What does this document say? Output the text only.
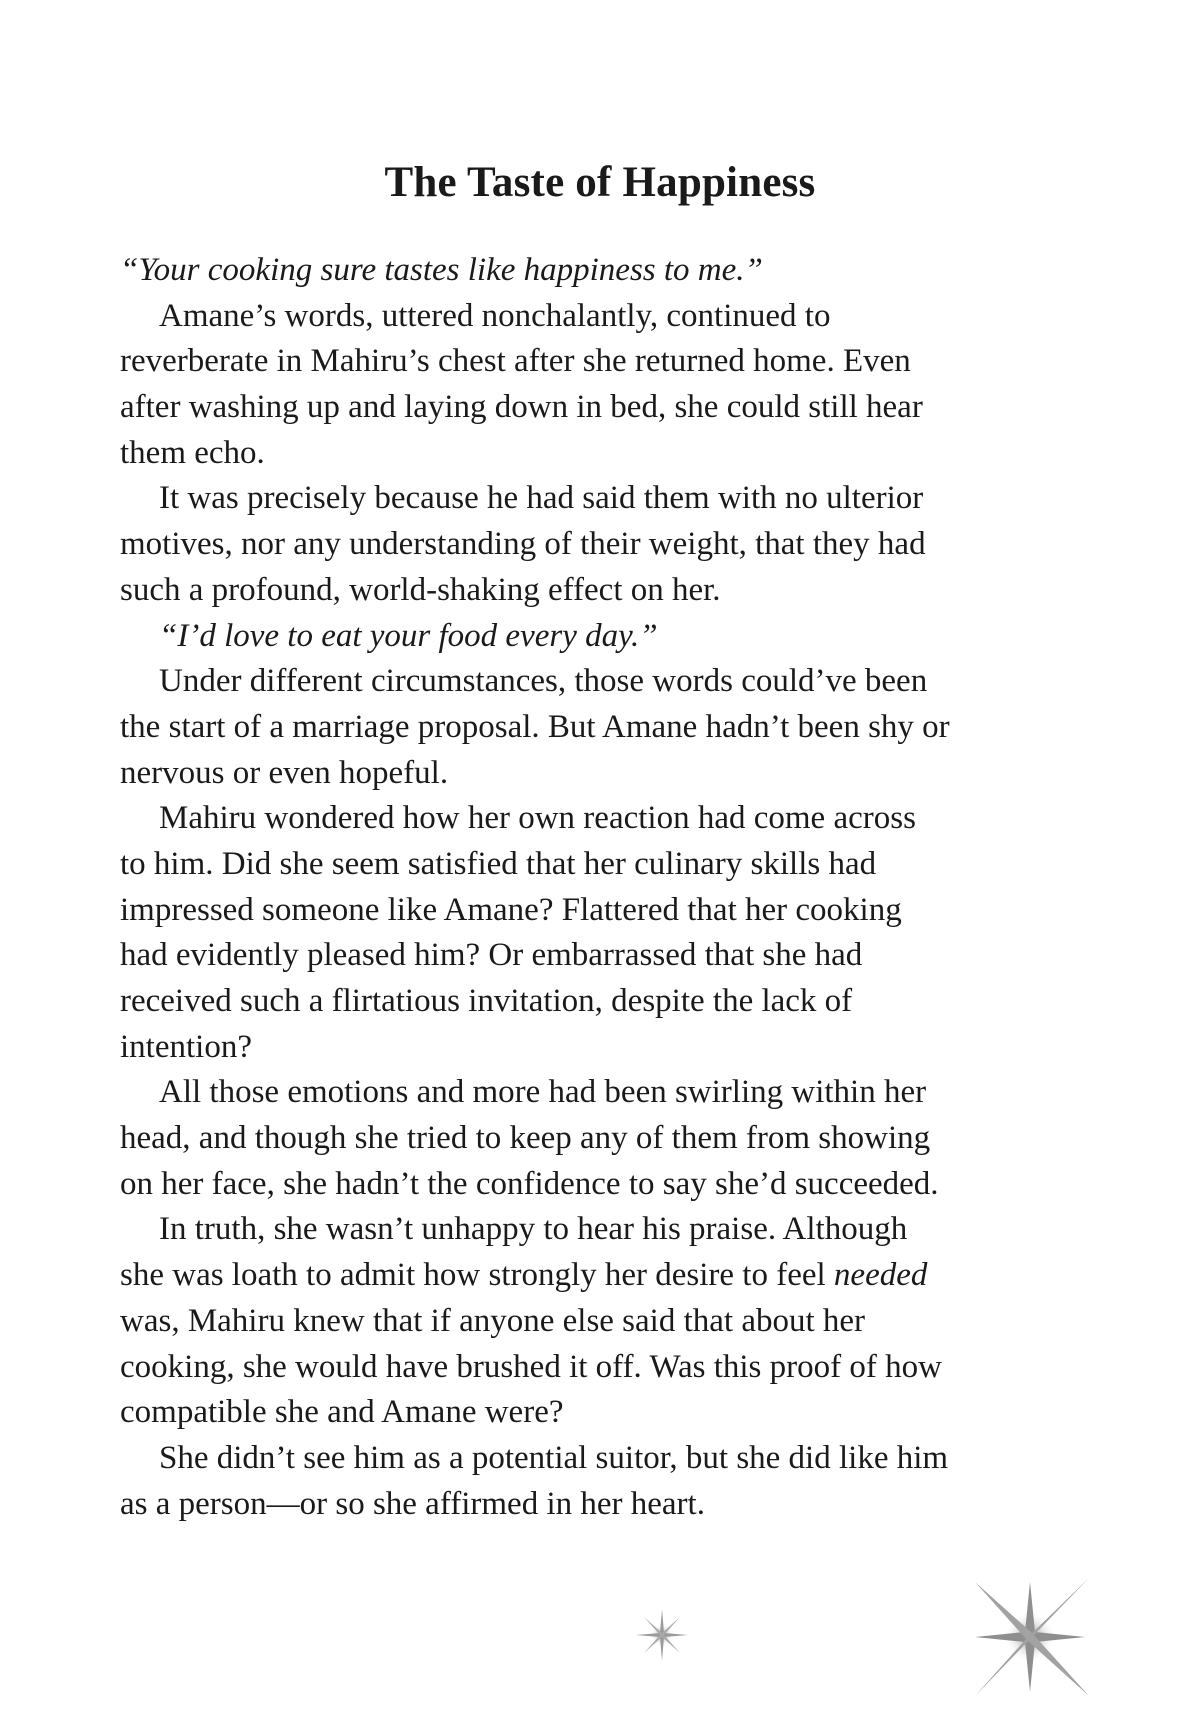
The Taste of Happiness
“Your cooking sure tastes like happiness to me.”
Amane’s words, uttered nonchalantly, continued to
reverberate in Mahiru’s chest after she returned home. Even
after washing up and laying down in bed, she could still hear
them echo.
It was precisely because he had said them with no ulterior
motives, nor any understanding of their weight, that they had
such a profound, world-shaking effect on her.
“I’d love to eat your food every day.”
Under different circumstances, those words could’ve been
the start of a marriage proposal. But Amane hadn’t been shy or
nervous or even hopeful.
Mahiru wondered how her own reaction had come across
to him. Did she seem satisfied that her culinary skills had
impressed someone like Amane? Flattered that her cooking
had evidently pleased him? Or embarrassed that she had
received such a flirtatious invitation, despite the lack of
intention?
All those emotions and more had been swirling within her
head, and though she tried to keep any of them from showing
on her face, she hadn’t the confidence to say she’d succeeded.
In truth, she wasn’t unhappy to hear his praise. Although
she was loath to admit how strongly her desire to feel needed
was, Mahiru knew that if anyone else said that about her
cooking, she would have brushed it off. Was this proof of how
compatible she and Amane were?
She didn’t see him as a potential suitor, but she did like him
as a person—or so she affirmed in her heart.
